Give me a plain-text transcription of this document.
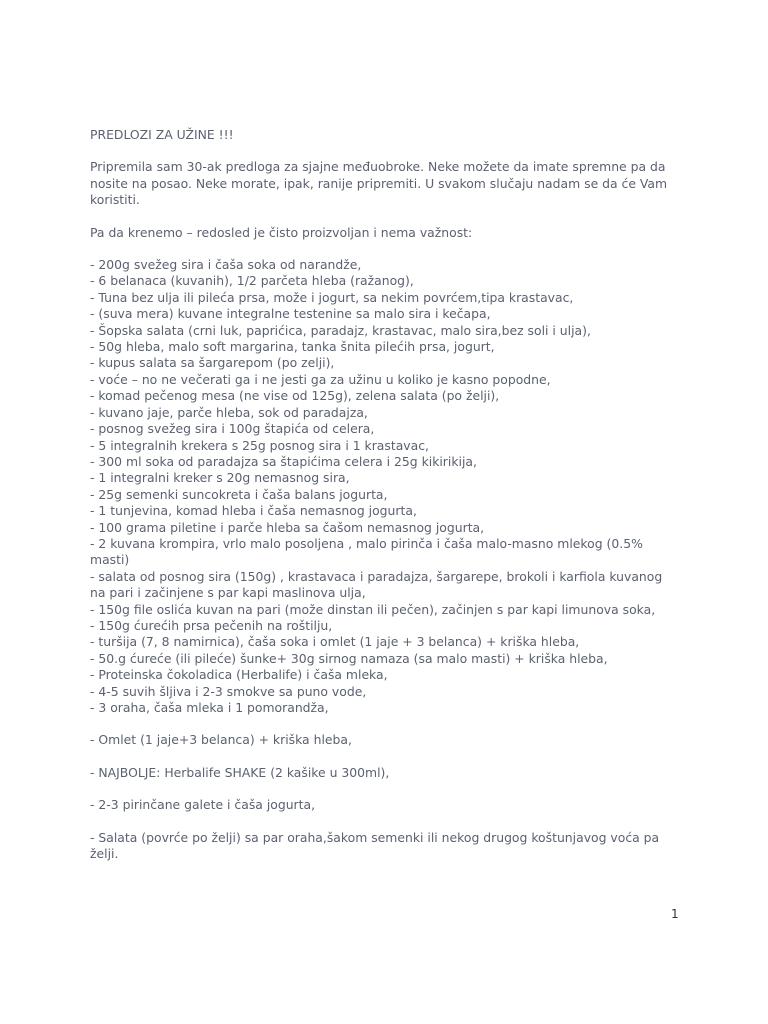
PREDLOZI ZA UŽINE !!!
Pripremila sam 30-ak predloga za sjajne međuobroke. Neke možete da imate spremne pa da nosite na posao. Neke morate, ipak, ranije pripremiti. U svakom slučaju nadam se da će Vam koristiti.
Pa da krenemo – redosled je čisto proizvoljan i nema važnost:
- 200g svežeg sira i čaša soka od narandže,
- 6 belanaca (kuvanih), 1/2 parčeta hleba (ražanog),
- Tuna bez ulja ili pileća prsa, može i jogurt, sa nekim povrćem,tipa krastavac,
- (suva mera) kuvane integralne testenine sa malo sira i kečapa,
- Šopska salata (crni luk, paprićica, paradajz, krastavac, malo sira,bez soli i ulja),
- 50g hleba, malo soft margarina, tanka šnita pilećih prsa, jogurt,
- kupus salata sa šargarepom (po zelji),
- voće – no ne večerati ga i ne jesti ga za užinu u koliko je kasno popodne,
- komad pečenog mesa (ne vise od 125g), zelena salata (po želji),
- kuvano jaje, parče hleba, sok od paradajza,
- posnog svežeg sira i 100g štapića od celera,
- 5 integralnih krekera s 25g posnog sira i 1 krastavac,
- 300 ml soka od paradajza sa štapićima celera i 25g kikirikija,
- 1 integralni kreker s 20g nemasnog sira,
- 25g semenki suncokreta i čaša balans jogurta,
- 1 tunjevina, komad hleba i čaša nemasnog jogurta,
- 100 grama piletine i parče hleba sa čašom nemasnog jogurta,
- 2 kuvana krompira, vrlo malo posoljena , malo pirinča i čaša malo-masno mlekog (0.5% masti)
- salata od posnog sira (150g) , krastavaca i paradajza, šargarepe, brokoli i karfiola kuvanog na pari i začinjene s par kapi maslinova ulja,
- 150g file oslića kuvan na pari (može dinstan ili pečen), začinjen s par kapi limunova soka,
- 150g ćurećih prsa pečenih na roštilju,
- turšija (7, 8 namirnica), čaša soka i omlet (1 jaje + 3 belanca) + kriška hleba,
- 50.g ćureće (ili pileće) šunke+ 30g sirnog namaza (sa malo masti) + kriška hleba,
- Proteinska čokoladica (Herbalife) i čaša mleka,
- 4-5 suvih šljiva i 2-3 smokve sa puno vode,
- 3 oraha, čaša mleka i 1 pomorandža,
- Omlet (1 jaje+3 belanca) + kriška hleba,
- NAJBOLJE: Herbalife SHAKE (2 kašike u 300ml),
- 2-3 pirinčane galete i čaša jogurta,
- Salata (povrće po želji) sa par oraha,šakom semenki ili nekog drugog koštunjavog voća pa želji.
1
